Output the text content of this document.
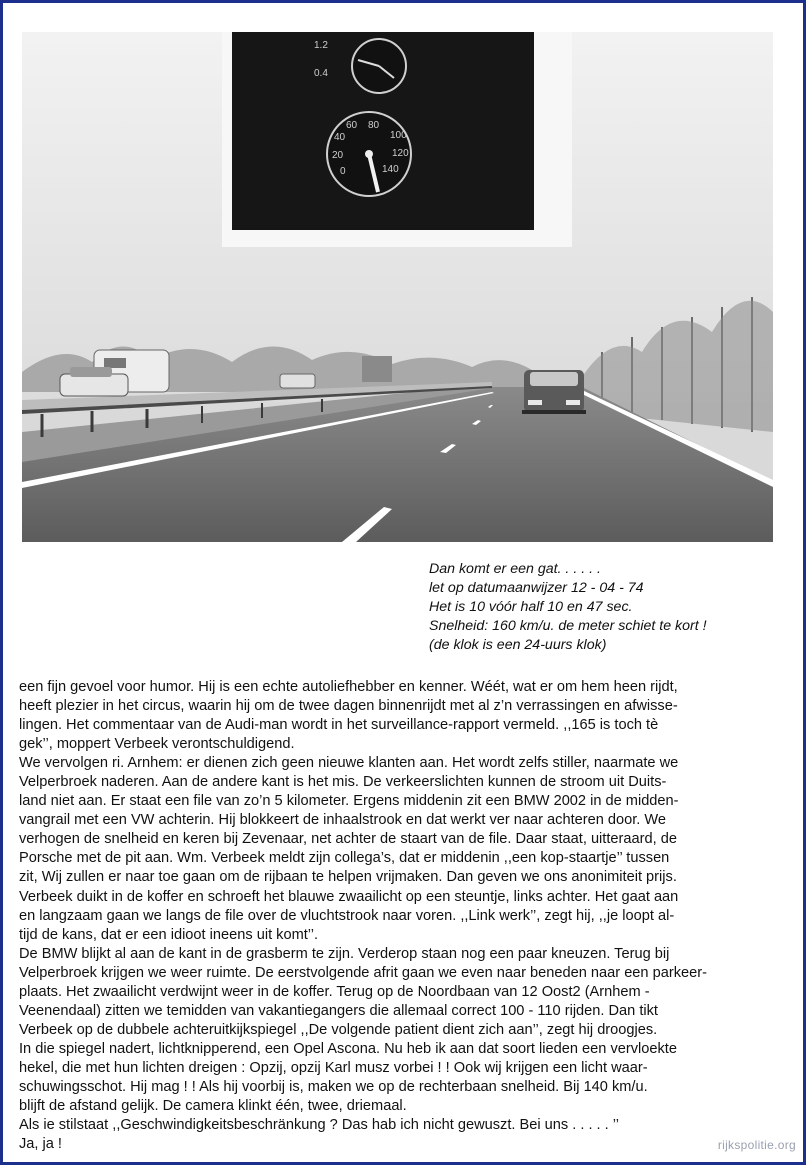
1.2
0.4
40
60 80
100
120
140
20
0
Dan komt er een gat. . . . . .
let op datumaanwijzer 12 - 04 - 74
Het is 10 vóór half 10 en 47 sec.
Snelheid: 160 km/u. de meter schiet te kort !
(de klok is een 24-uurs klok)
een fijn gevoel voor humor. Hij is een echte autoliefhebber en kenner. Wéét, wat er om hem heen rijdt,
heeft plezier in het circus, waarin hij om de twee dagen binnenrijdt met al z’n verrassingen en afwisse-
lingen. Het commentaar van de Audi-man wordt in het surveillance-rapport vermeld. ,,165 is toch tè
gek’’, moppert Verbeek verontschuldigend.
We vervolgen ri. Arnhem: er dienen zich geen nieuwe klanten aan. Het wordt zelfs stiller, naarmate we
Velperbroek naderen. Aan de andere kant is het mis. De verkeerslichten kunnen de stroom uit Duits-
land niet aan. Er staat een file van zo’n 5 kilometer. Ergens middenin zit een BMW 2002 in de midden-
vangrail met een VW achterin. Hij blokkeert de inhaalstrook en dat werkt ver naar achteren door. We
verhogen de snelheid en keren bij Zevenaar, net achter de staart van de file. Daar staat, uitteraard, de
Porsche met de pit aan. Wm. Verbeek meldt zijn collega’s, dat er middenin ,,een kop-staartje’’ tussen
zit, Wij zullen er naar toe gaan om de rijbaan te helpen vrijmaken. Dan geven we ons anonimiteit prijs.
Verbeek duikt in de koffer en schroeft het blauwe zwaailicht op een steuntje, links achter. Het gaat aan
en langzaam gaan we langs de file over de vluchtstrook naar voren. ,,Link werk’’, zegt hij, ,,je loopt al-
tijd de kans, dat er een idioot ineens uit komt’’.
De BMW blijkt al aan de kant in de grasberm te zijn. Verderop staan nog een paar kneuzen. Terug bij
Velperbroek krijgen we weer ruimte. De eerstvolgende afrit gaan we even naar beneden naar een parkeer-
plaats. Het zwaailicht verdwijnt weer in de koffer. Terug op de Noordbaan van 12 Oost2 (Arnhem -
Veenendaal) zitten we temidden van vakantiegangers die allemaal correct 100 - 110 rijden. Dan tikt
Verbeek op de dubbele achteruitkijkspiegel ,,De volgende patient dient zich aan’’, zegt hij droogjes.
In die spiegel nadert, lichtknipperend, een Opel Ascona. Nu heb ik aan dat soort lieden een vervloekte
hekel, die met hun lichten dreigen : Opzij, opzij Karl musz vorbei ! ! Ook wij krijgen een licht waar-
schuwingsschot. Hij mag ! ! Als hij voorbij is, maken we op de rechterbaan snelheid. Bij 140 km/u.
blijft de afstand gelijk. De camera klinkt één, twee, driemaal.
Als ie stilstaat ,,Geschwindigkeitsbeschränkung ? Das hab ich nicht gewuszt. Bei uns . . . . . ’’
Ja, ja !	rijkspolitie.org
